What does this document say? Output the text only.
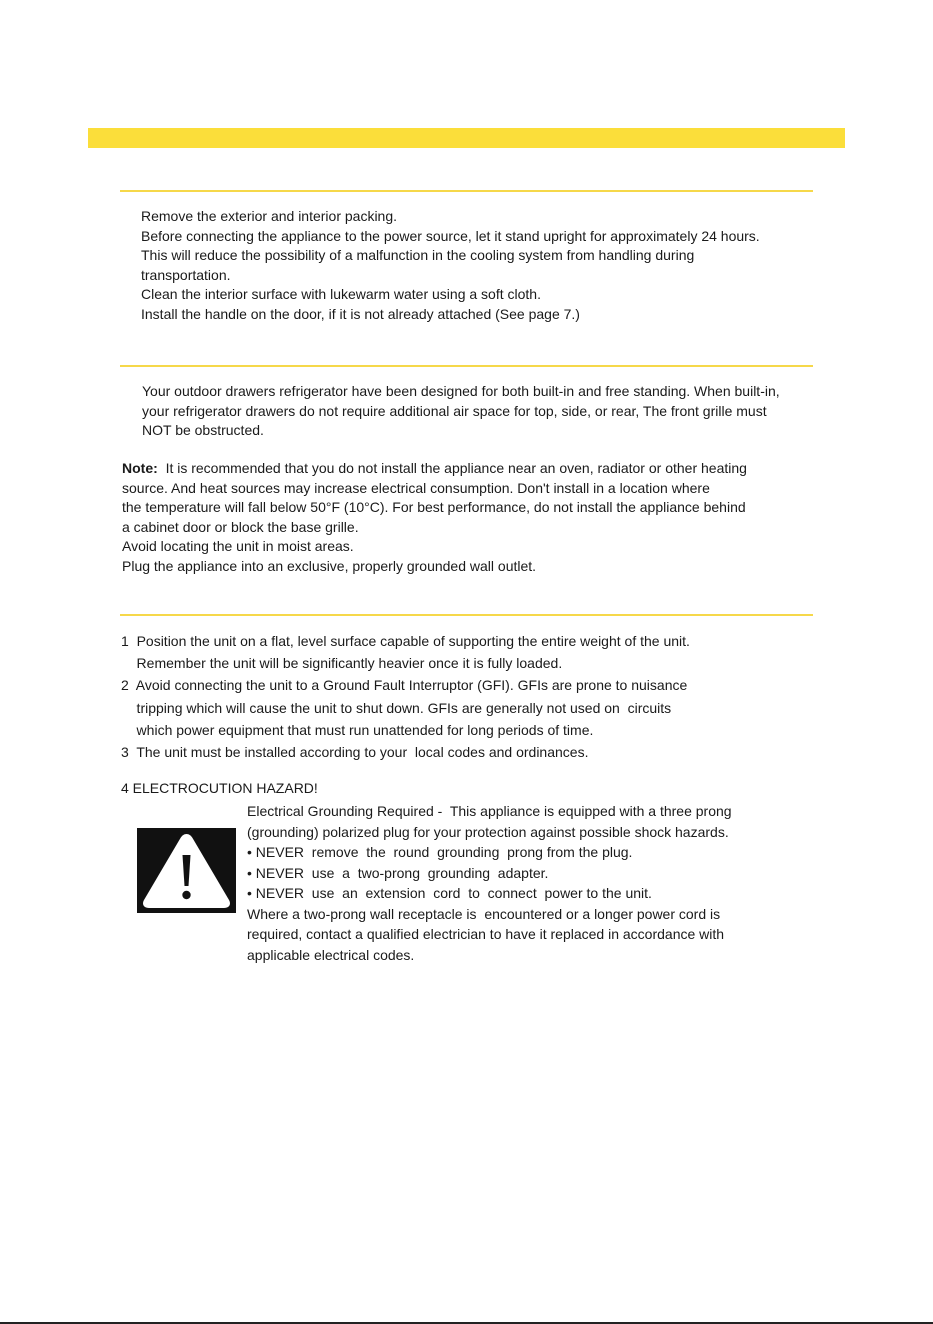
Remove the exterior and interior packing.

Before connecting the appliance to the power source, let it stand upright for approximately 24 hours.

This will reduce the possibility of a malfunction in the cooling system from handling during

transportation.

Clean the interior surface with lukewarm water using a soft cloth.

Install the handle on the door, if it is not already attached (See page 7.)

Your outdoor drawers refrigerator have been designed for both built-in and free standing. When built-in,

your refrigerator drawers do not require additional air space for top, side, or rear, The front grille must

NOT be obstructed.

Note: It is recommended that you do not install the appliance near an oven, radiator or other heating

source. And heat sources may increase electrical consumption. Don't install in a location where

the temperature will fall below 50°F (10°C). For best performance, do not install the appliance behind

a cabinet door or block the base grille.

Avoid locating the unit in moist areas.

Plug the appliance into an exclusive, properly grounded wall outlet.

1  Position the unit on a flat, level surface capable of supporting the entire weight of the unit.

Remember the unit will be significantly heavier once it is fully loaded.

2  Avoid connecting the unit to a Ground Fault Interruptor (GFI). GFIs are prone to nuisance

tripping which will cause the unit to shut down. GFIs are generally not used on  circuits

which power equipment that must run unattended for long periods of time.

3  The unit must be installed according to your  local codes and ordinances.

4 ELECTROCUTION HAZARD!

Electrical Grounding Required -  This appliance is equipped with a three prong

(grounding) polarized plug for your protection against possible shock hazards.

• NEVER  remove  the  round  grounding  prong from the plug.

• NEVER  use  a  two-prong  grounding  adapter.

• NEVER  use  an  extension  cord  to  connect  power to the unit.

Where a two-prong wall receptacle is  encountered or a longer power cord is

required, contact a qualified electrician to have it replaced in accordance with

applicable electrical codes.
